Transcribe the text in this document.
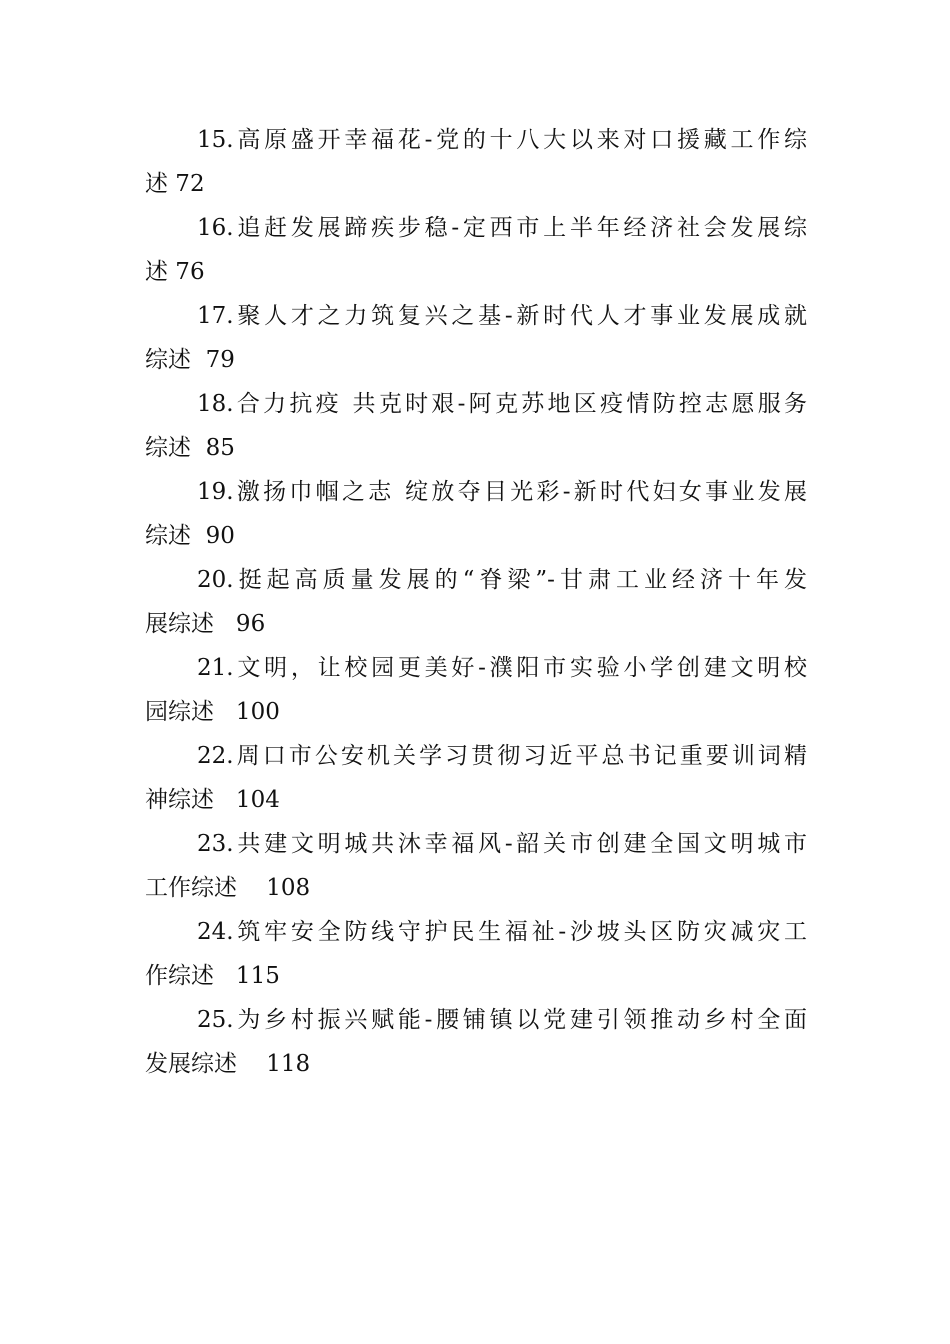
15.高原盛开幸福花-党的十八大以来对口援藏工作综
述 72
16.追赶发展蹄疾步稳-定西市上半年经济社会发展综
述 76
17.聚人才之力筑复兴之基-新时代人才事业发展成就
综述  79
18.合力抗疫 共克时艰-阿克苏地区疫情防控志愿服务
综述  85
19.激扬巾帼之志 绽放夺目光彩-新时代妇女事业发展
综述  90
20.挺起高质量发展的“脊梁”-甘肃工业经济十年发
展综述   96
21.文明，让校园更美好-濮阳市实验小学创建文明校
园综述   100
22.周口市公安机关学习贯彻习近平总书记重要训词精
神综述   104
23.共建文明城共沐幸福风-韶关市创建全国文明城市
工作综述    108
24.筑牢安全防线守护民生福祉-沙坡头区防灾减灾工
作综述   115
25.为乡村振兴赋能-腰铺镇以党建引领推动乡村全面
发展综述    118
